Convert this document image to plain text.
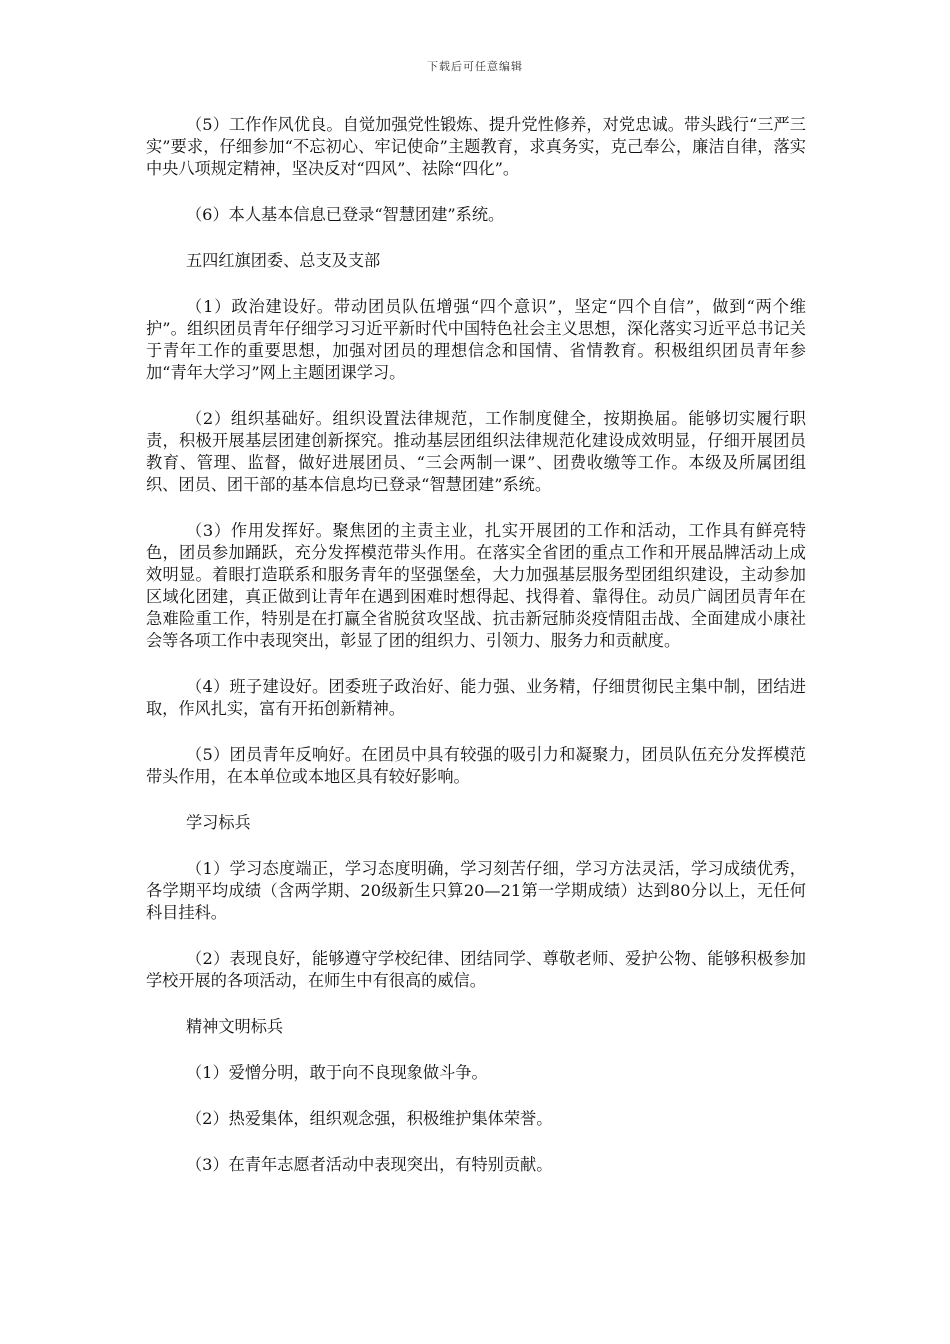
下载后可任意编辑

（5）工作作风优良。自觉加强党性锻炼、提升党性修养，对党忠诚。带头践行“三严三实”要求，仔细参加“不忘初心、牢记使命”主题教育，求真务实，克己奉公，廉洁自律，落实中央八项规定精神，坚决反对“四风”、祛除“四化”。

（6）本人基本信息已登录“智慧团建”系统。

五四红旗团委、总支及支部

（1）政治建设好。带动团员队伍增强“四个意识”，坚定“四个自信”，做到“两个维护”。组织团员青年仔细学习习近平新时代中国特色社会主义思想，深化落实习近平总书记关于青年工作的重要思想，加强对团员的理想信念和国情、省情教育。积极组织团员青年参加“青年大学习”网上主题团课学习。

（2）组织基础好。组织设置法律规范，工作制度健全，按期换届。能够切实履行职责，积极开展基层团建创新探究。推动基层团组织法律规范化建设成效明显，仔细开展团员教育、管理、监督，做好进展团员、“三会两制一课”、团费收缴等工作。本级及所属团组织、团员、团干部的基本信息均已登录“智慧团建”系统。

（3）作用发挥好。聚焦团的主责主业，扎实开展团的工作和活动，工作具有鲜亮特色，团员参加踊跃，充分发挥模范带头作用。在落实全省团的重点工作和开展品牌活动上成效明显。着眼打造联系和服务青年的坚强堡垒，大力加强基层服务型团组织建设，主动参加区域化团建，真正做到让青年在遇到困难时想得起、找得着、靠得住。动员广阔团员青年在急难险重工作，特别是在打赢全省脱贫攻坚战、抗击新冠肺炎疫情阻击战、全面建成小康社会等各项工作中表现突出，彰显了团的组织力、引领力、服务力和贡献度。

（4）班子建设好。团委班子政治好、能力强、业务精，仔细贯彻民主集中制，团结进取，作风扎实，富有开拓创新精神。

（5）团员青年反响好。在团员中具有较强的吸引力和凝聚力，团员队伍充分发挥模范带头作用，在本单位或本地区具有较好影响。

学习标兵

（1）学习态度端正，学习态度明确，学习刻苦仔细，学习方法灵活，学习成绩优秀，各学期平均成绩（含两学期、20级新生只算20—21第一学期成绩）达到80分以上，无任何科目挂科。

（2）表现良好，能够遵守学校纪律、团结同学、尊敬老师、爱护公物、能够积极参加学校开展的各项活动，在师生中有很高的威信。

精神文明标兵

（1）爱憎分明，敢于向不良现象做斗争。

（2）热爱集体，组织观念强，积极维护集体荣誉。

（3）在青年志愿者活动中表现突出，有特别贡献。
